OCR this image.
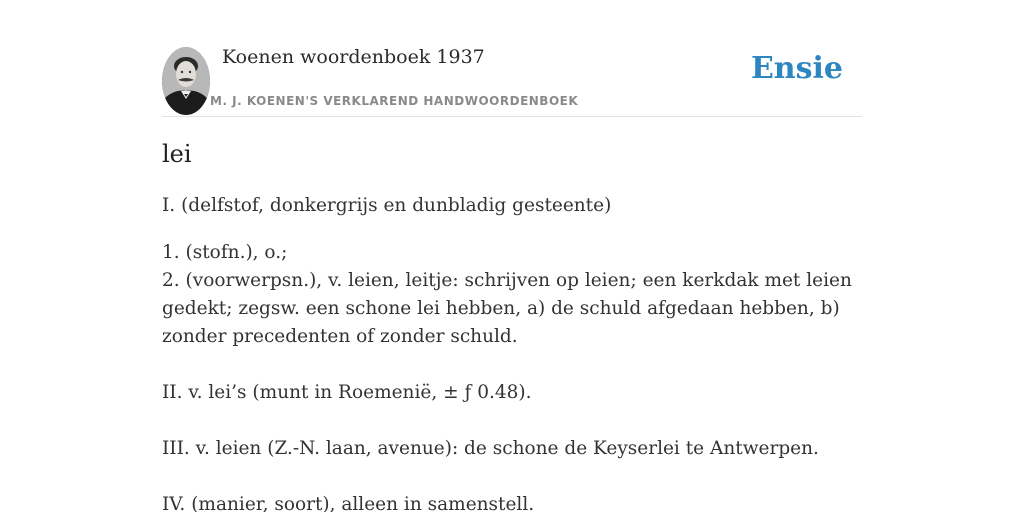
Koenen woordenboek 1937
M. J. KOENEN'S VERKLAREND HANDWOORDENBOEK
Ensie
lei

I. (delfstof, donkergrijs en dunbladig gesteente)

1. (stofn.), o.;

2. (voorwerpsn.), v. leien, leitje: schrijven op leien; een kerkdak met leien gedekt; zegsw. een schone lei hebben, a) de schuld afgedaan hebben, b) zonder precedenten of zonder schuld.

II. v. lei’s (munt in Roemenië, ± ƒ 0.48).

III. v. leien (Z.-N. laan, avenue): de schone de Keyserlei te Antwerpen.

IV. (manier, soort), alleen in samenstell.
